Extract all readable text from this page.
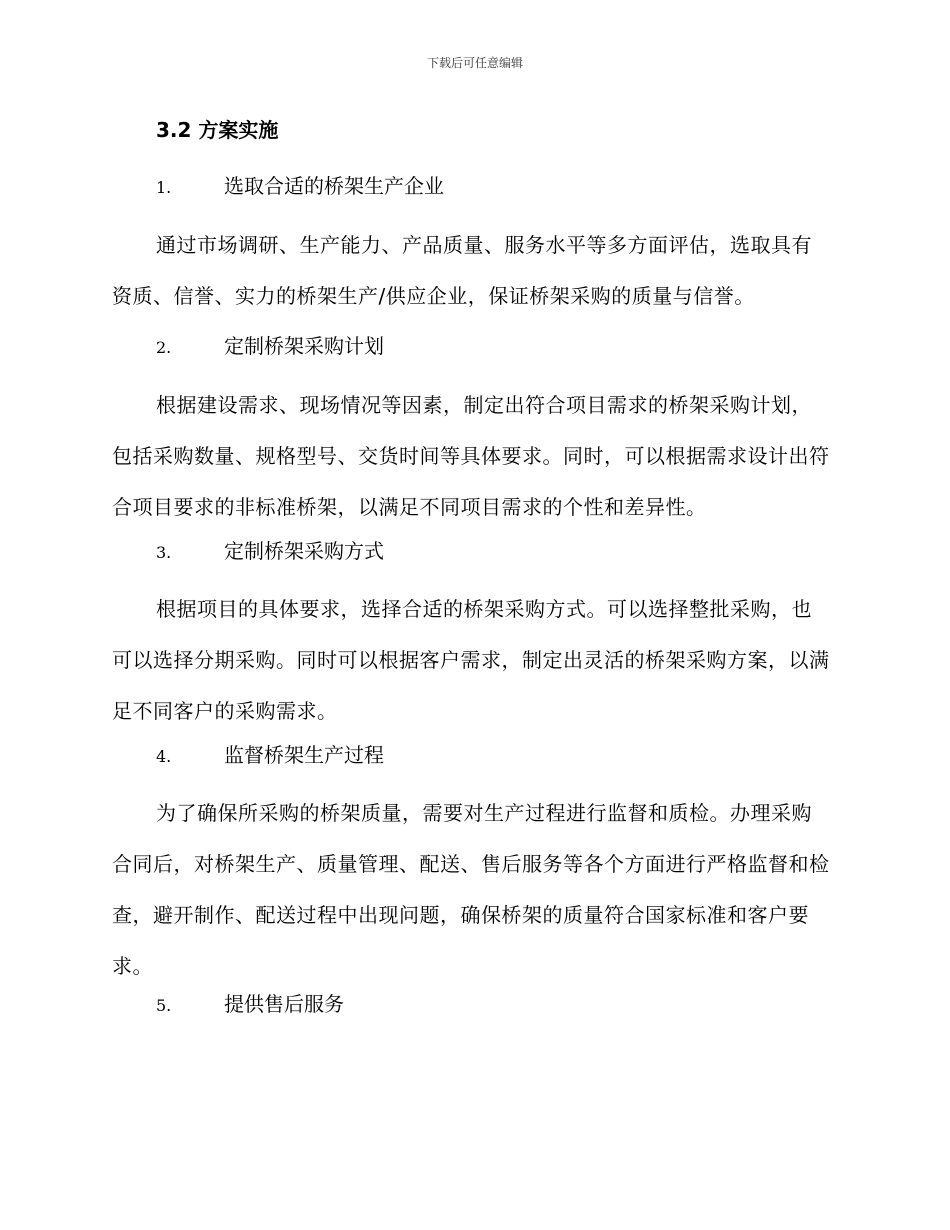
下载后可任意编辑
3.2 方案实施
1.	选取合适的桥架生产企业

通过市场调研、生产能力、产品质量、服务水平等多方面评估，选取具有资质、信誉、实力的桥架生产/供应企业，保证桥架采购的质量与信誉。

2.	定制桥架采购计划

根据建设需求、现场情况等因素，制定出符合项目需求的桥架采购计划，包括采购数量、规格型号、交货时间等具体要求。同时，可以根据需求设计出符合项目要求的非标准桥架，以满足不同项目需求的个性和差异性。

3.	定制桥架采购方式

根据项目的具体要求，选择合适的桥架采购方式。可以选择整批采购，也可以选择分期采购。同时可以根据客户需求，制定出灵活的桥架采购方案，以满足不同客户的采购需求。

4.	监督桥架生产过程

为了确保所采购的桥架质量，需要对生产过程进行监督和质检。办理采购合同后，对桥架生产、质量管理、配送、售后服务等各个方面进行严格监督和检查，避开制作、配送过程中出现问题，确保桥架的质量符合国家标准和客户要求。

5.	提供售后服务
